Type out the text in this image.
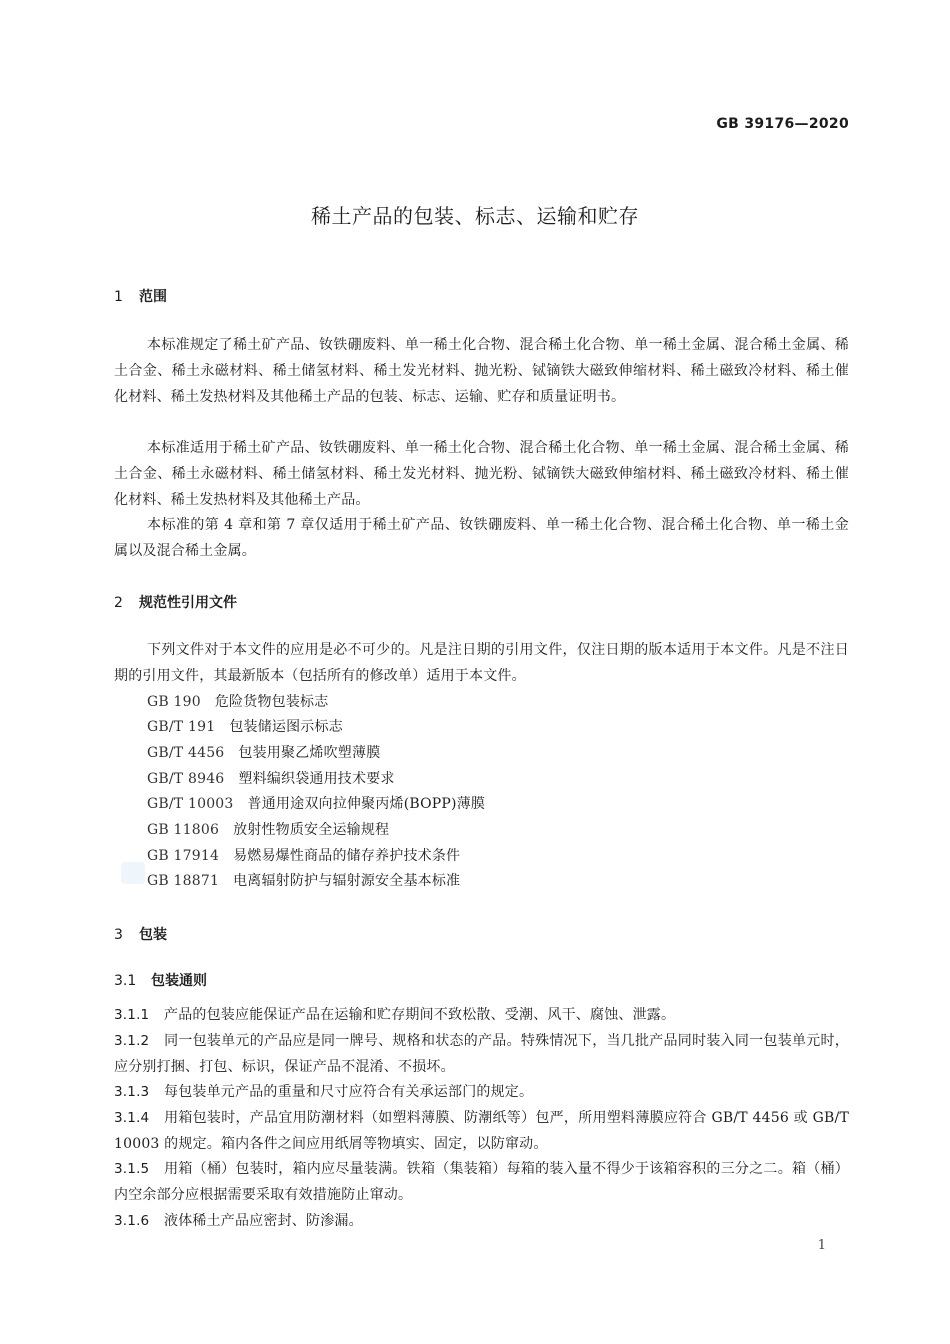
GB 39176—2020
稀土产品的包装、标志、运输和贮存
1 范围
本标准规定了稀土矿产品、钕铁硼废料、单一稀土化合物、混合稀土化合物、单一稀土金属、混合稀土金属、稀土合金、稀土永磁材料、稀土储氢材料、稀土发光材料、抛光粉、铽镝铁大磁致伸缩材料、稀土磁致冷材料、稀土催化材料、稀土发热材料及其他稀土产品的包装、标志、运输、贮存和质量证明书。
本标准适用于稀土矿产品、钕铁硼废料、单一稀土化合物、混合稀土化合物、单一稀土金属、混合稀土金属、稀土合金、稀土永磁材料、稀土储氢材料、稀土发光材料、抛光粉、铽镝铁大磁致伸缩材料、稀土磁致冷材料、稀土催化材料、稀土发热材料及其他稀土产品。
本标准的第 4 章和第 7 章仅适用于稀土矿产品、钕铁硼废料、单一稀土化合物、混合稀土化合物、单一稀土金属以及混合稀土金属。
2 规范性引用文件
下列文件对于本文件的应用是必不可少的。凡是注日期的引用文件，仅注日期的版本适用于本文件。凡是不注日期的引用文件，其最新版本（包括所有的修改单）适用于本文件。
GB 190 危险货物包装标志
GB/T 191 包装储运图示标志
GB/T 4456 包装用聚乙烯吹塑薄膜
GB/T 8946 塑料编织袋通用技术要求
GB/T 10003 普通用途双向拉伸聚丙烯(BOPP)薄膜
GB 11806 放射性物质安全运输规程
GB 17914 易燃易爆性商品的储存养护技术条件
GB 18871 电离辐射防护与辐射源安全基本标准
3 包装
3.1 包装通则
3.1.1 产品的包装应能保证产品在运输和贮存期间不致松散、受潮、风干、腐蚀、泄露。
3.1.2 同一包装单元的产品应是同一牌号、规格和状态的产品。特殊情况下，当几批产品同时装入同一包装单元时，应分别打捆、打包、标识，保证产品不混淆、不损坏。
3.1.3 每包装单元产品的重量和尺寸应符合有关承运部门的规定。
3.1.4 用箱包装时，产品宜用防潮材料（如塑料薄膜、防潮纸等）包严，所用塑料薄膜应符合 GB/T 4456 或 GB/T 10003 的规定。箱内各件之间应用纸屑等物填实、固定，以防窜动。
3.1.5 用箱（桶）包装时，箱内应尽量装满。铁箱（集装箱）每箱的装入量不得少于该箱容积的三分之二。箱（桶）内空余部分应根据需要采取有效措施防止窜动。
3.1.6 液体稀土产品应密封、防渗漏。
1
